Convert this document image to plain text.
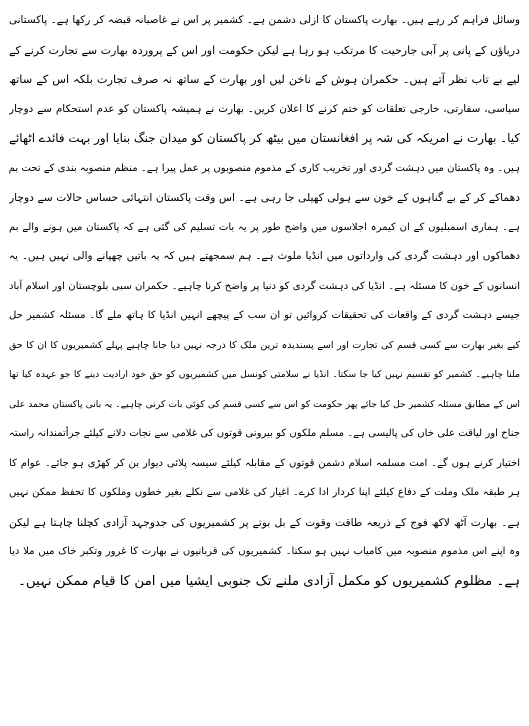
وسائل فراہم کر رہے ہیں۔ بھارت پاکستان کا ازلی دشمن ہے۔ کشمیر پر اس نے غاصبانہ قبضہ کر رکھا ہے۔ پاکستانی
دریاؤں کے پانی پر آبی جارحیت کا مرتکب ہو رہا ہے لیکن حکومت اور اس کے پروردہ بھارت سے تجارت کرنے کے
لیے بے تاب نظر آتے ہیں۔ حکمران ہوش کے ناخن لیں اور بھارت کے ساتھ نہ صرف تجارت بلکہ اس کے ساتھ
سیاسی، سفارتی، خارجی تعلقات کو ختم کرنے کا اعلان کریں۔ بھارت نے ہمیشہ پاکستان کو عدم استحکام سے دوچار
کیا۔ بھارت نے امریکہ کی شہ پر افغانستان میں بیٹھ کر پاکستان کو میدان جنگ بنایا اور بہت فائدے اٹھائے
ہیں۔ وہ پاکستان میں دہشت گردی اور تخریب کاری کے مذموم منصوبوں پر عمل پیرا ہے۔ منظم منصوبہ بندی کے تحت بم
دھماکے کر کے بے گناہوں کے خون سے ہولی کھیلی جا رہی ہے۔ اس وقت پاکستان انتہائی حساس حالات سے دوچار
ہے۔ ہماری اسمبلیوں کے ان کیمرہ اجلاسوں میں واضح طور پر یہ بات تسلیم کی گئی ہے کہ پاکستان میں ہونے والے بم
دھماکوں اور دہشت گردی کی وارداتوں میں انڈیا ملوث ہے۔ ہم سمجھتے ہیں کہ یہ باتیں چھپانے والی نہیں ہیں۔ یہ
انسانوں کے خون کا مسئلہ ہے۔ انڈیا کی دہشت گردی کو دنیا پر واضح کرنا چاہیے۔ حکمران سبی بلوچستان اور اسلام آباد
جیسے دہشت گردی کے واقعات کی تحقیقات کروائیں تو ان سب کے پیچھے انہیں انڈیا کا ہاتھ ملے گا۔ مسئلہ کشمیر حل
کیے بغیر بھارت سے کسی قسم کی تجارت اور اسے پسندیدہ ترین ملک کا درجہ نہیں دیا جانا چاہیے پہلے کشمیریوں کا ان کا حق
ملنا چاہیے۔ کشمیر کو تقسیم نہیں کیا جا سکتا۔ انڈیا نے سلامتی کونسل میں کشمیریوں کو حق خود ارادیت دینے کا جو عہدہ کیا تھا
اس کے مطابق مسئلہ کشمیر حل کیا جائے پھر حکومت کو اس سے کسی قسم کی کوئی بات کرنی چاہیے۔ یہ بانی پاکستان محمد علی
جناح اور لیاقت علی خاں کی پالیسی ہے۔ مسلم ملکوں کو بیرونی قوتوں کی غلامی سے نجات دلانے کیلئے جرأتمندانہ راستہ
اختیار کرنے ہوں گے۔ امت مسلمہ اسلام دشمن قوتوں کے مقابلہ کیلئے سیسہ پلائی دیوار بن کر کھڑی ہو جائے۔ عوام کا
ہر طبقہ ملک وملت کے دفاع کیلئے اپنا کردار ادا کرے۔ اغیار کی غلامی سے نکلے بغیر خطوں وملکوں کا تحفظ ممکن نہیں
ہے۔ بھارت آٹھ لاکھ فوج کے ذریعہ طاقت وقوت کے بل بوتے پر کشمیریوں کی جدوجہد آزادی کچلنا چاہتا ہے لیکن
وہ اپنے اس مذموم منصوبہ میں کامیاب نہیں ہو سکتا۔ کشمیریوں کی قربانیوں نے بھارت کا غرور وتکبر خاک میں ملا دیا
ہے۔ مظلوم کشمیریوں کو مکمل آزادی ملنے تک جنوبی ایشیا میں امن کا قیام ممکن نہیں۔
